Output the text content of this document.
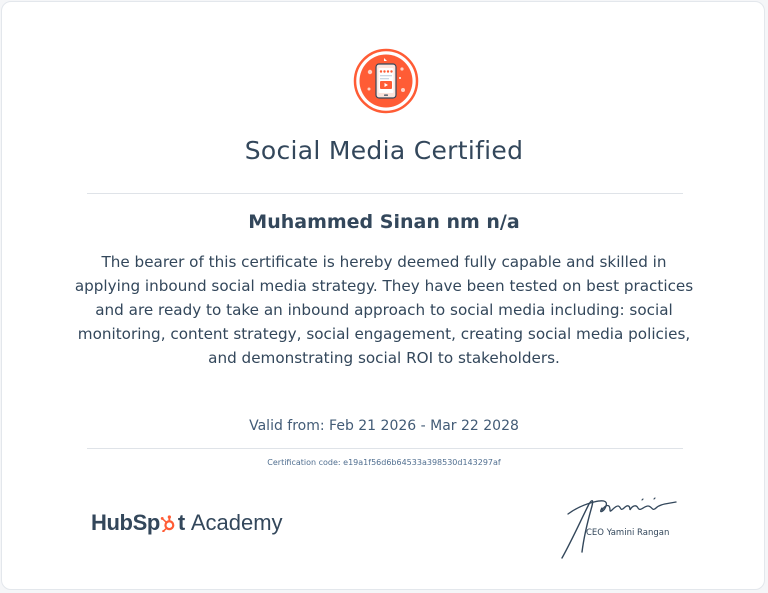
Social Media Certified
Muhammed Sinan nm n/a
The bearer of this certificate is hereby deemed fully capable and skilled in applying inbound social media strategy. They have been tested on best practices and are ready to take an inbound approach to social media including: social monitoring, content strategy, social engagement, creating social media policies, and demonstrating social ROI to stakeholders.
Valid from: Feb 21 2026 - Mar 22 2028
Certification code: e19a1f56d6b64533a398530d143297af
HubSp t Academy	CEO Yamini Rangan
